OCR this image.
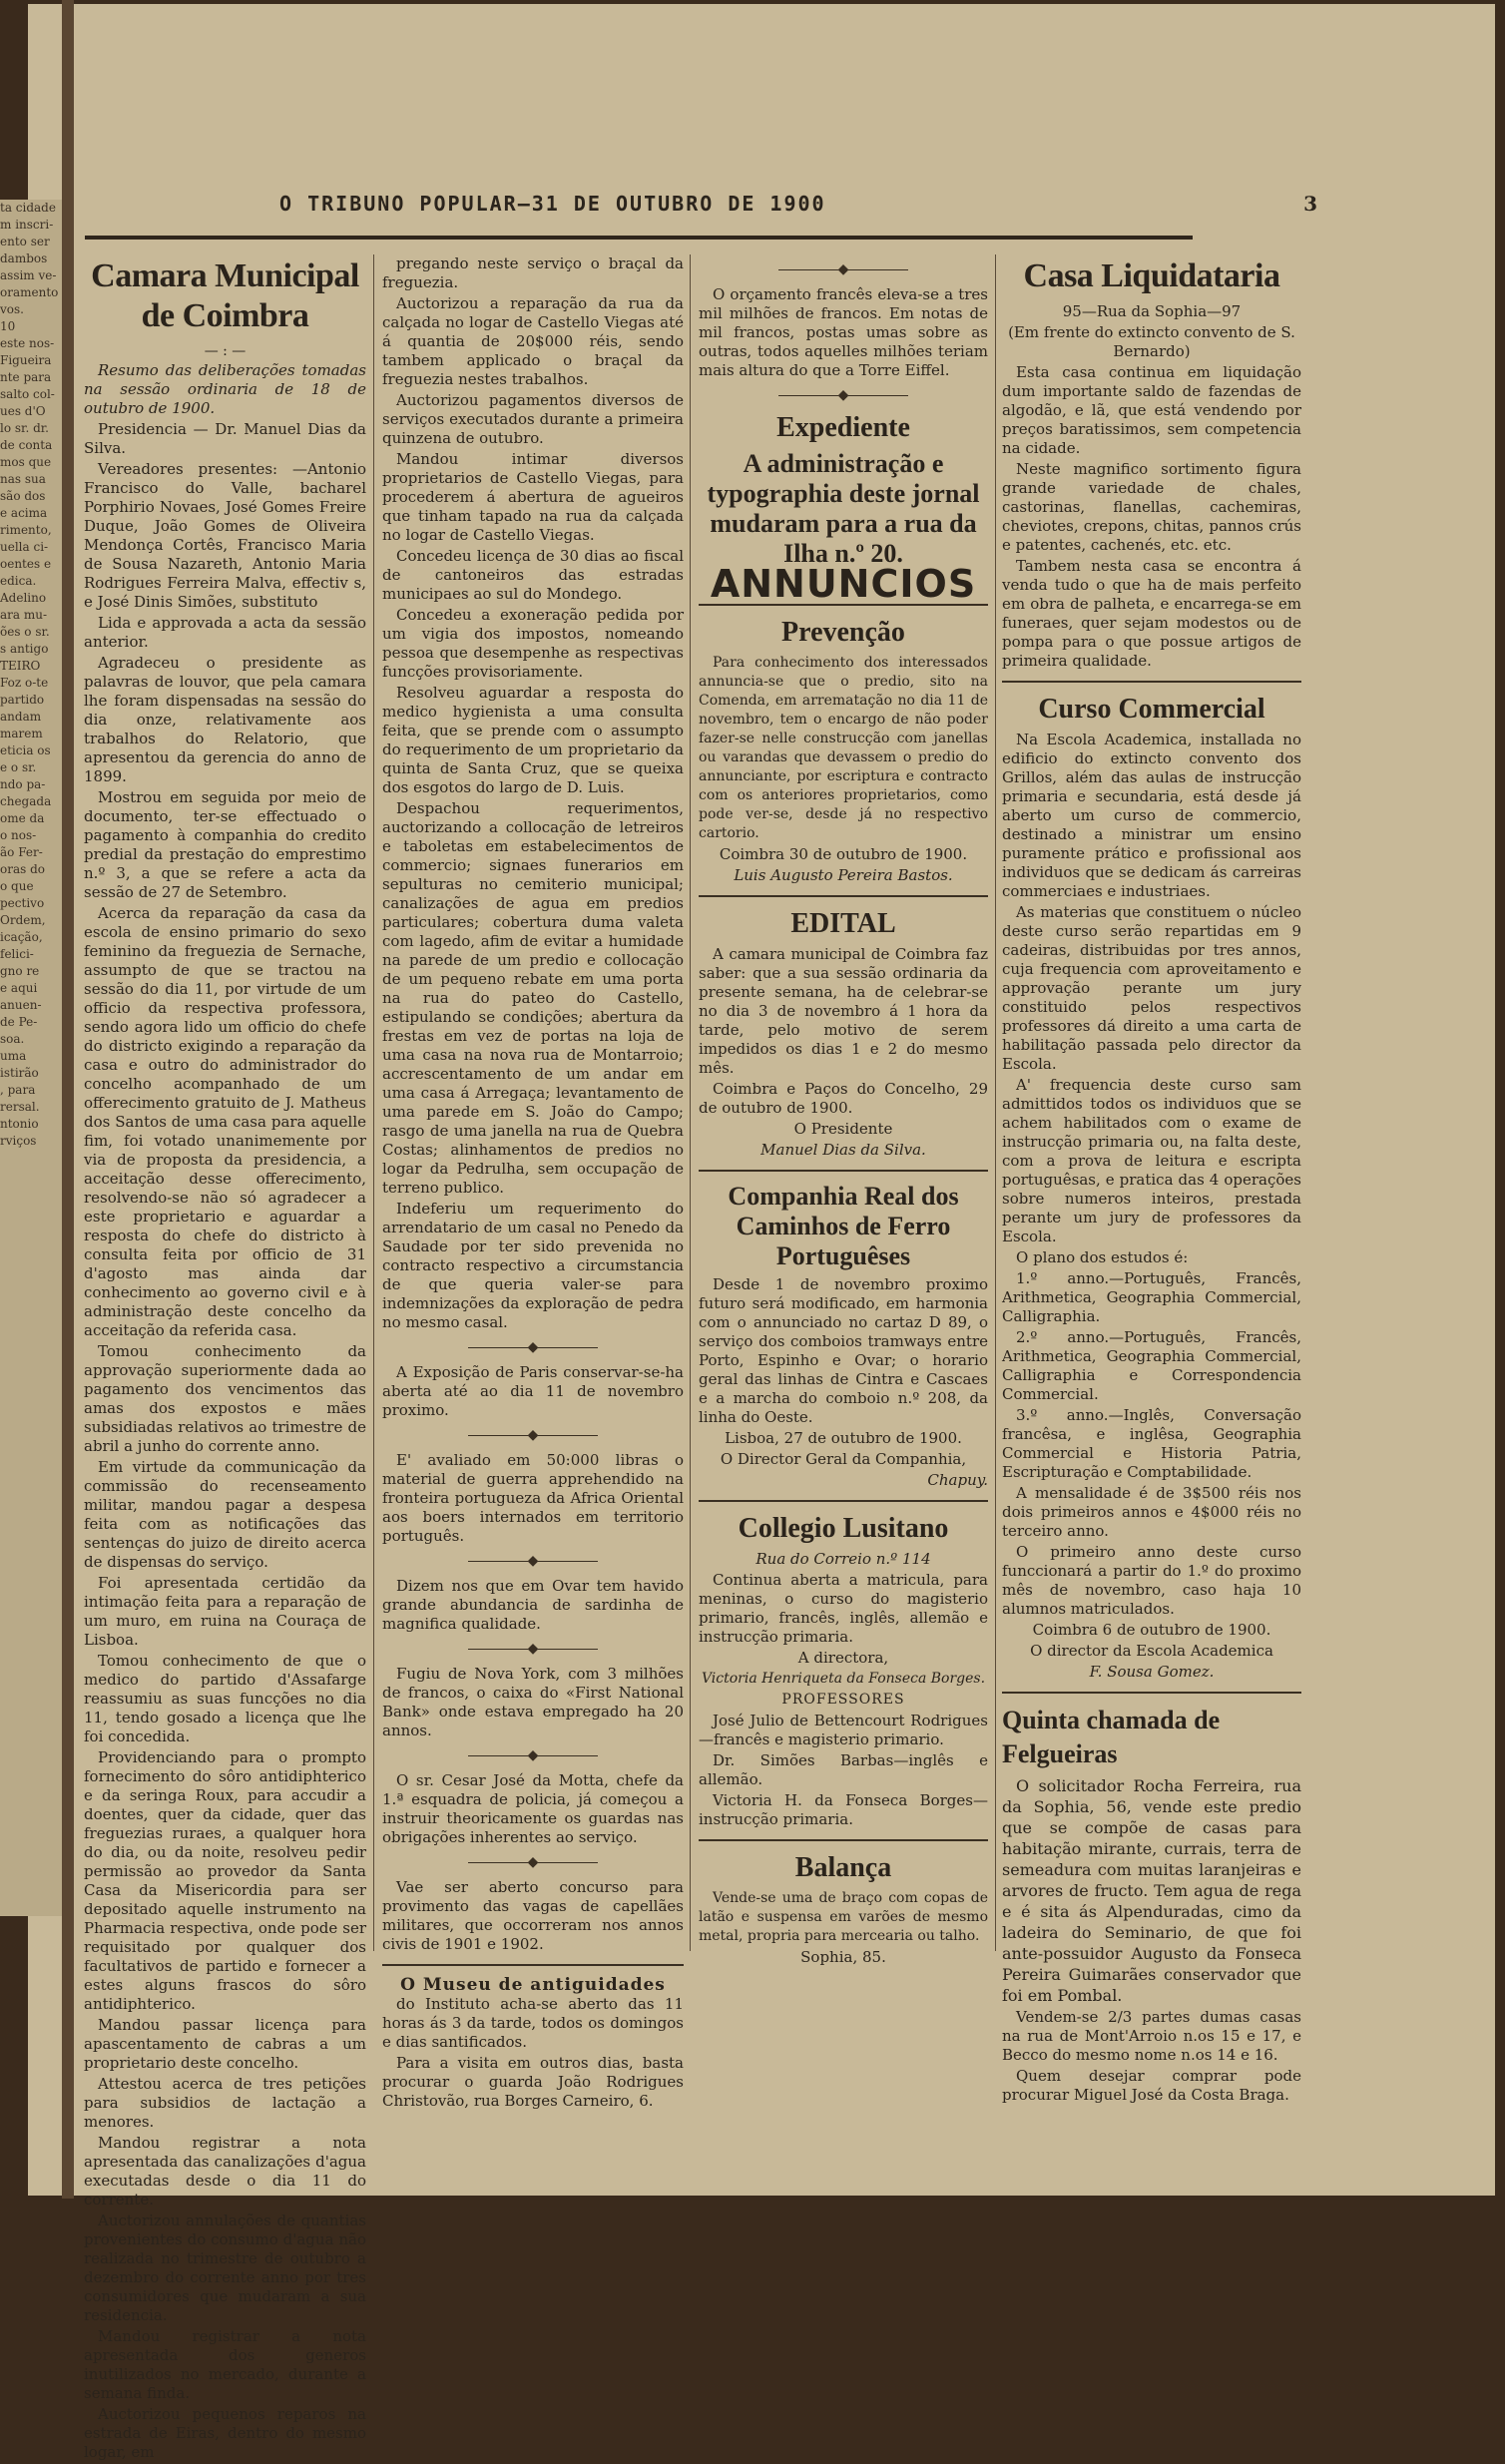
ta cidade
m inscri-
ento ser
dambos
assim ve-
oramento
vos.
10
este nos-
Figueira
nte para
salto col-
ues d'O
lo sr. dr.
de conta
mos que
nas sua
são dos
e acima
rimento,
uella ci-
oentes e
edica.
Adelino
ara mu-
ões o sr.
s antigo
TEIRO
Foz o-te
partido
andam
marem
eticia os
e o sr.
ndo pa-
chegada
ome da
o nos-
ão Fer-
oras do
o que
pectivo
Ordem,
icação,
felici-
gno re
e aqui
anuen-
de Pe-
soa.
uma
istirão
, para
rersal.
ntonio
rviços
O TRIBUNO POPULAR—31 DE OUTUBRO DE 1900	3
Camara Municipal de Coimbra
— : —

Resumo das deliberações tomadas na sessão ordinaria de 18 de outubro de 1900.

Presidencia — Dr. Manuel Dias da Silva.

Vereadores presentes: —Antonio Francisco do Valle, bacharel Porphirio Novaes, José Gomes Freire Duque, João Gomes de Oliveira Mendonça Cortês, Francisco Maria de Sousa Nazareth, Antonio Maria Rodrigues Ferreira Malva, effectiv s, e José Dinis Simões, substituto

Lida e approvada a acta da sessão anterior.

Agradeceu o presidente as palavras de louvor, que pela camara lhe foram dispensadas na sessão do dia onze, relativamente aos trabalhos do Relatorio, que apresentou da gerencia do anno de 1899.

Mostrou em seguida por meio de documento, ter-se effectuado o pagamento à companhia do credito predial da prestação do emprestimo n.º 3, a que se refere a acta da sessão de 27 de Setembro.

Acerca da reparação da casa da escola de ensino primario do sexo feminino da freguezia de Sernache, assumpto de que se tractou na sessão do dia 11, por virtude de um officio da respectiva professora, sendo agora lido um officio do chefe do districto exigindo a reparação da casa e outro do administrador do concelho acompanhado de um offerecimento gratuito de J. Matheus dos Santos de uma casa para aquelle fim, foi votado unanimemente por via de proposta da presidencia, a acceitação desse offerecimento, resolvendo-se não só agradecer a este proprietario e aguardar a resposta do chefe do districto à consulta feita por officio de 31 d'agosto mas ainda dar conhecimento ao governo civil e à administração deste concelho da acceitação da referida casa.

Tomou conhecimento da approvação superiormente dada ao pagamento dos vencimentos das amas dos expostos e mães subsidiadas relativos ao trimestre de abril a junho do corrente anno.

Em virtude da communicação da commissão do recenseamento militar, mandou pagar a despesa feita com as notificações das sentenças do juizo de direito acerca de dispensas do serviço.

Foi apresentada certidão da intimação feita para a reparação de um muro, em ruina na Couraça de Lisboa.

Tomou conhecimento de que o medico do partido d'Assafarge reassumiu as suas funcções no dia 11, tendo gosado a licença que lhe foi concedida.

Providenciando para o prompto fornecimento do sôro antidiphterico e da seringa Roux, para accudir a doentes, quer da cidade, quer das freguezias ruraes, a qualquer hora do dia, ou da noite, resolveu pedir permissão ao provedor da Santa Casa da Misericordia para ser depositado aquelle instrumento na Pharmacia respectiva, onde pode ser requisitado por qualquer dos facultativos de partido e fornecer a estes alguns frascos do sôro antidiphterico.

Mandou passar licença para apascentamento de cabras a um proprietario deste concelho.

Attestou acerca de tres petições para subsidios de lactação a menores.

Mandou registrar a nota apresentada das canalizações d'agua executadas desde o dia 11 do corrente.

Auctorizou annulações de quantias provenientes do consumo d'agua não realizada no trimestre de outubro a dezembro do corrente anno por tres consumidores que mudaram a sua residencia.

Mandou registrar a nota apresentada dos generos inutilizados no mercado, durante a semana finda.

Auctorizou pequenos reparos na estrada de Eiras, dentro do mesmo logar, em

pregando neste serviço o braçal da freguezia.

Auctorizou a reparação da rua da calçada no logar de Castello Viegas até á quantia de 20$000 réis, sendo tambem applicado o braçal da freguezia nestes trabalhos.

Auctorizou pagamentos diversos de serviços executados durante a primeira quinzena de outubro.

Mandou intimar diversos proprietarios de Castello Viegas, para procederem á abertura de agueiros que tinham tapado na rua da calçada no logar de Castello Viegas.

Concedeu licença de 30 dias ao fiscal de cantoneiros das estradas municipaes ao sul do Mondego.

Concedeu a exoneração pedida por um vigia dos impostos, nomeando pessoa que desempenhe as respectivas funcções provisoriamente.

Resolveu aguardar a resposta do medico hygienista a uma consulta feita, que se prende com o assumpto do requerimento de um proprietario da quinta de Santa Cruz, que se queixa dos esgotos do largo de D. Luis.

Despachou requerimentos, auctorizando a collocação de letreiros e taboletas em estabelecimentos de commercio; signaes funerarios em sepulturas no cemiterio municipal; canalizações de agua em predios particulares; cobertura duma valeta com lagedo, afim de evitar a humidade na parede de um predio e collocação de um pequeno rebate em uma porta na rua do pateo do Castello, estipulando se condições; abertura da frestas em vez de portas na loja de uma casa na nova rua de Montarroio; accrescentamento de um andar em uma casa á Arregaça; levantamento de uma parede em S. João do Campo; rasgo de uma janella na rua de Quebra Costas; alinhamentos de predios no logar da Pedrulha, sem occupação de terreno publico.

Indeferiu um requerimento do arrendatario de um casal no Penedo da Saudade por ter sido prevenida no contracto respectivo a circumstancia de que queria valer-se para indemnizações da exploração de pedra no mesmo casal.

◆

A Exposição de Paris conservar-se-ha aberta até ao dia 11 de novembro proximo.

◆

E' avaliado em 50:000 libras o material de guerra apprehendido na fronteira portugueza da Africa Oriental aos boers internados em territorio português.

◆

Dizem nos que em Ovar tem havido grande abundancia de sardinha de magnifica qualidade.

◆

Fugiu de Nova York, com 3 milhões de francos, o caixa do «First National Bank» onde estava empregado ha 20 annos.

◆

O sr. Cesar José da Motta, chefe da 1.ª esquadra de policia, já começou a instruir theoricamente os guardas nas obrigações inherentes ao serviço.

◆

Vae ser aberto concurso para provimento das vagas de capellães militares, que occorreram nos annos civis de 1901 e 1902.

O Museu de antiguidades

do Instituto acha-se aberto das 11 horas ás 3 da tarde, todos os domingos e dias santificados.

Para a visita em outros dias, basta procurar o guarda João Rodrigues Christovão, rua Borges Carneiro, 6.

◆

O orçamento francês eleva-se a tres mil milhões de francos. Em notas de mil francos, postas umas sobre as outras, todos aquelles milhões teriam mais altura do que a Torre Eiffel.

◆
Expediente
A administração e typographia deste jornal mudaram para a rua da Ilha n.º 20.
ANNUNCIOS
Prevenção

Para conhecimento dos interessados annuncia-se que o predio, sito na Comenda, em arrematação no dia 11 de novembro, tem o encargo de não poder fazer-se nelle construcção com janellas ou varandas que devassem o predio do annunciante, por escriptura e contracto com os anteriores proprietarios, como pode ver-se, desde já no respectivo cartorio.

Coimbra 30 de outubro de 1900.

Luis Augusto Pereira Bastos.

EDITAL

A camara municipal de Coimbra faz saber: que a sua sessão ordinaria da presente semana, ha de celebrar-se no dia 3 de novembro á 1 hora da tarde, pelo motivo de serem impedidos os dias 1 e 2 do mesmo mês.

Coimbra e Paços do Concelho, 29 de outubro de 1900.

O Presidente

Manuel Dias da Silva.

Companhia Real dos Caminhos de Ferro Portuguêses

Desde 1 de novembro proximo futuro será modificado, em harmonia com o annunciado no cartaz D 89, o serviço dos comboios tramways entre Porto, Espinho e Ovar; o horario geral das linhas de Cintra e Cascaes e a marcha do comboio n.º 208, da linha do Oeste.

Lisboa, 27 de outubro de 1900.

O Director Geral da Companhia,

Chapuy.

Collegio Lusitano

Rua do Correio n.º 114

Continua aberta a matricula, para meninas, o curso do magisterio primario, francês, inglês, allemão e instrucção primaria.

A directora,

Victoria Henriqueta da Fonseca Borges.

PROFESSORES

José Julio de Bettencourt Rodrigues—francês e magisterio primario.

Dr. Simões Barbas—inglês e allemão.

Victoria H. da Fonseca Borges—instrucção primaria.

Balança

Vende-se uma de braço com copas de latão e suspensa em varões de mesmo metal, propria para mercearia ou talho.

Sophia, 85.

Casa Liquidataria

95—Rua da Sophia—97

(Em frente do extincto convento de S. Bernardo)

Esta casa continua em liquidação dum importante saldo de fazendas de algodão, e lã, que está vendendo por preços baratissimos, sem competencia na cidade.

Neste magnifico sortimento figura grande variedade de chales, castorinas, flanellas, cachemiras, cheviotes, crepons, chitas, pannos crús e patentes, cachenés, etc. etc.

Tambem nesta casa se encontra á venda tudo o que ha de mais perfeito em obra de palheta, e encarrega-se em funeraes, quer sejam modestos ou de pompa para o que possue artigos de primeira qualidade.

Curso Commercial

Na Escola Academica, installada no edificio do extincto convento dos Grillos, além das aulas de instrucção primaria e secundaria, está desde já aberto um curso de commercio, destinado a ministrar um ensino puramente prático e profissional aos individuos que se dedicam ás carreiras commerciaes e industriaes.

As materias que constituem o núcleo deste curso serão repartidas em 9 cadeiras, distribuidas por tres annos, cuja frequencia com aproveitamento e approvação perante um jury constituido pelos respectivos professores dá direito a uma carta de habilitação passada pelo director da Escola.

A' frequencia deste curso sam admittidos todos os individuos que se achem habilitados com o exame de instrucção primaria ou, na falta deste, com a prova de leitura e escripta portuguêsas, e pratica das 4 operações sobre numeros inteiros, prestada perante um jury de professores da Escola.

O plano dos estudos é:

1.º anno.—Português, Francês, Arithmetica, Geographia Commercial, Calligraphia.

2.º anno.—Português, Francês, Arithmetica, Geographia Commercial, Calligraphia e Correspondencia Commercial.

3.º anno.—Inglês, Conversação francêsa, e inglêsa, Geographia Commercial e Historia Patria, Escripturação e Comptabilidade.

A mensalidade é de 3$500 réis nos dois primeiros annos e 4$000 réis no terceiro anno.

O primeiro anno deste curso funccionará a partir do 1.º do proximo mês de novembro, caso haja 10 alumnos matriculados.

Coimbra 6 de outubro de 1900.

O director da Escola Academica

F. Sousa Gomez.

Quinta chamada de Felgueiras

O solicitador Rocha Ferreira, rua da Sophia, 56, vende este predio que se compõe de casas para habitação mirante, currais, terra de semeadura com muitas laranjeiras e arvores de fructo. Tem agua de rega e é sita ás Alpenduradas, cimo da ladeira do Seminario, de que foi ante-possuidor Augusto da Fonseca Pereira Guimarães conservador que foi em Pombal.

Vendem-se 2/3 partes dumas casas na rua de Mont'Arroio n.os 15 e 17, e Becco do mesmo nome n.os 14 e 16.

Quem desejar comprar pode procurar Miguel José da Costa Braga.
